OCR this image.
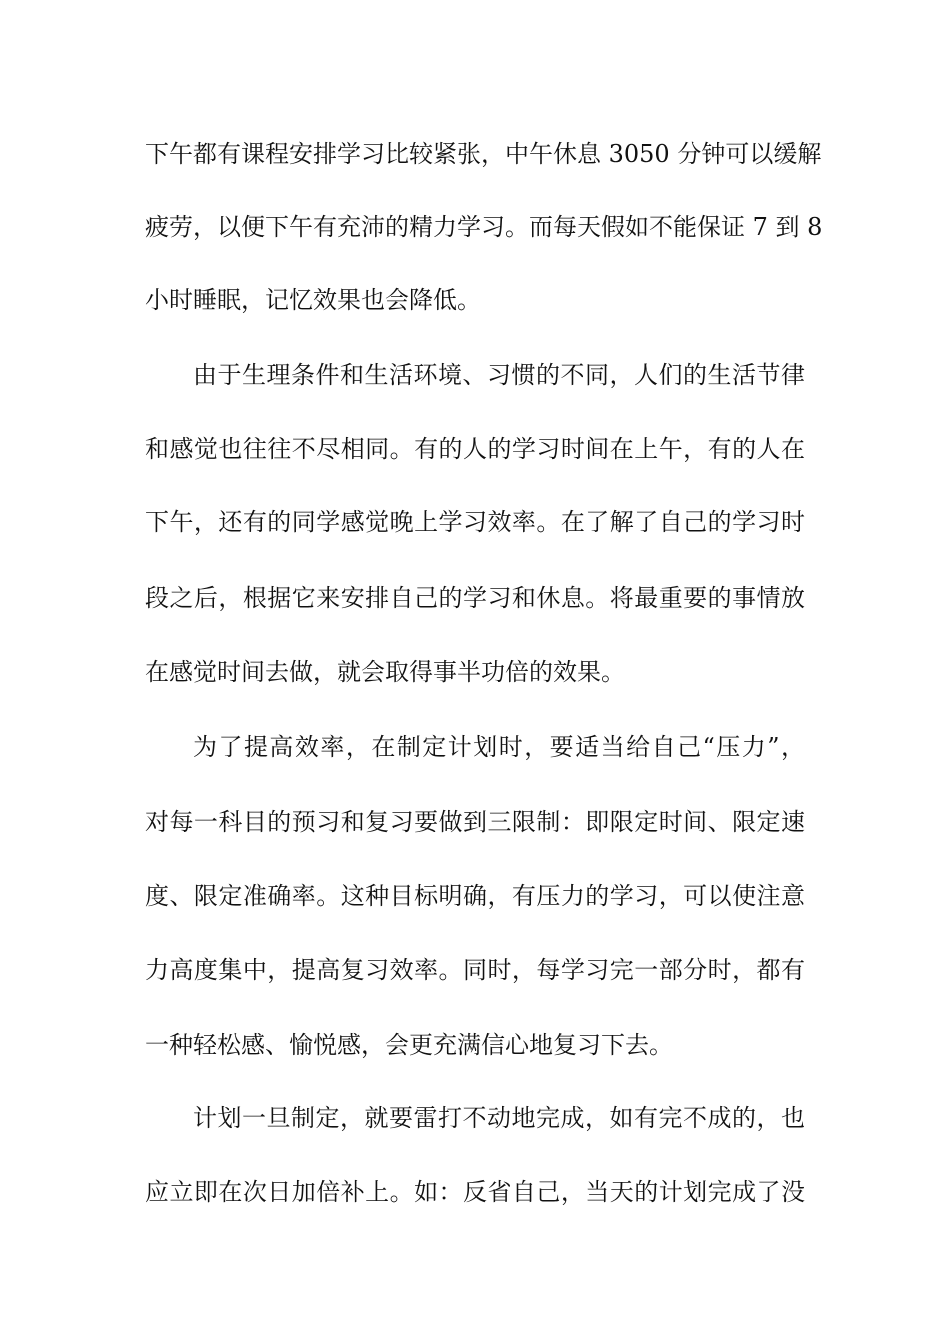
下午都有课程安排学习比较紧张，中午休息 3050 分钟可以缓解
疲劳，以便下午有充沛的精力学习。而每天假如不能保证 7 到 8
小时睡眠，记忆效果也会降低。
由于生理条件和生活环境、习惯的不同，人们的生活节律
和感觉也往往不尽相同。有的人的学习时间在上午，有的人在
下午，还有的同学感觉晚上学习效率。在了解了自己的学习时
段之后，根据它来安排自己的学习和休息。将最重要的事情放
在感觉时间去做，就会取得事半功倍的效果。
为了提高效率，在制定计划时，要适当给自己“压力”，
对每一科目的预习和复习要做到三限制：即限定时间、限定速
度、限定准确率。这种目标明确，有压力的学习，可以使注意
力高度集中，提高复习效率。同时，每学习完一部分时，都有
一种轻松感、愉悦感，会更充满信心地复习下去。
计划一旦制定，就要雷打不动地完成，如有完不成的，也
应立即在次日加倍补上。如：反省自己，当天的计划完成了没
